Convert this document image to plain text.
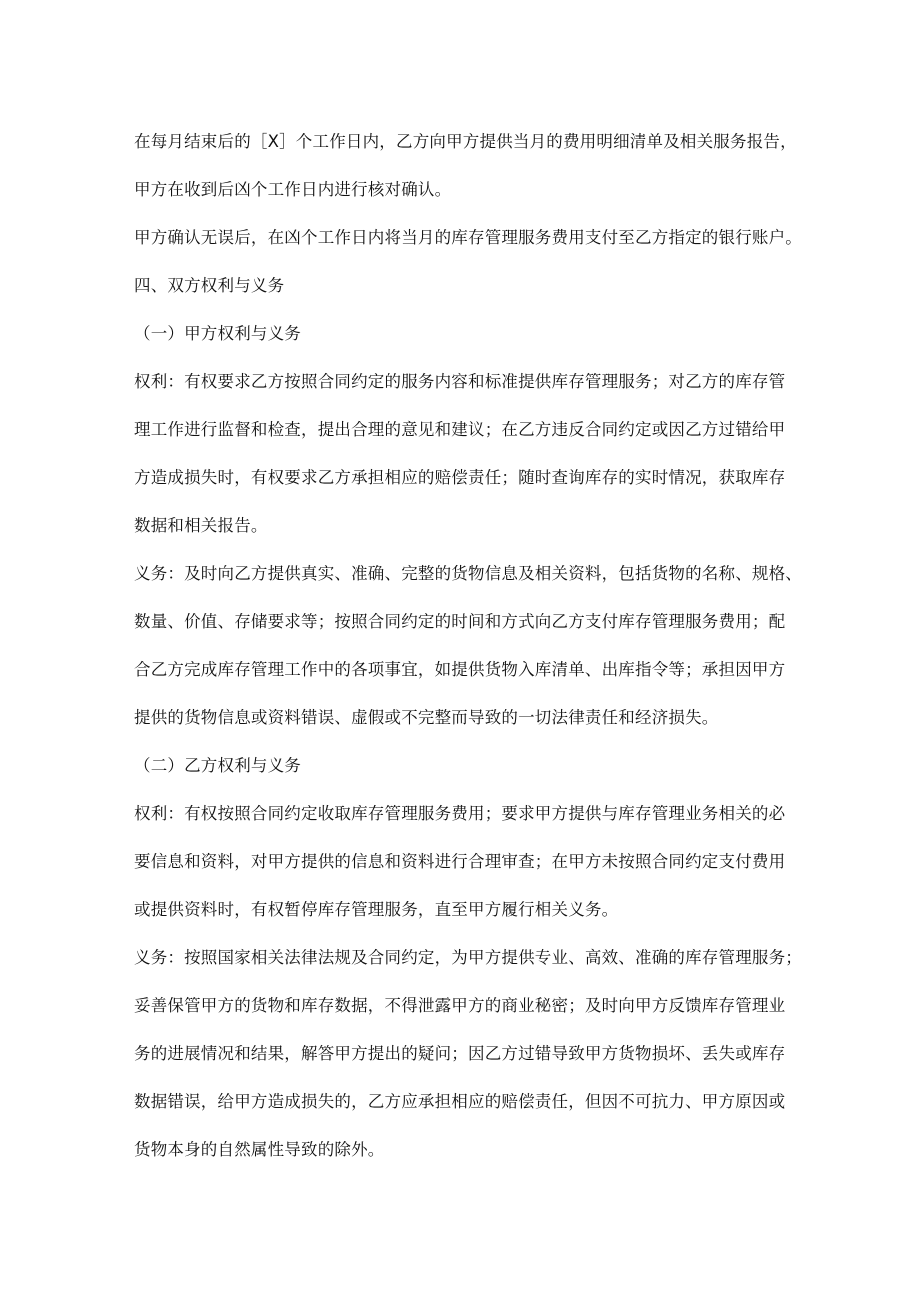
在每月结束后的［X］个工作日内，乙方向甲方提供当月的费用明细清单及相关服务报告，
甲方在收到后凶个工作日内进行核对确认。
甲方确认无误后，在凶个工作日内将当月的库存管理服务费用支付至乙方指定的银行账户。
四、双方权利与义务
（一）甲方权利与义务
权利：有权要求乙方按照合同约定的服务内容和标准提供库存管理服务；对乙方的库存管
理工作进行监督和检查，提出合理的意见和建议；在乙方违反合同约定或因乙方过错给甲
方造成损失时，有权要求乙方承担相应的赔偿责任；随时查询库存的实时情况，获取库存
数据和相关报告。
义务：及时向乙方提供真实、准确、完整的货物信息及相关资料，包括货物的名称、规格、
数量、价值、存储要求等；按照合同约定的时间和方式向乙方支付库存管理服务费用；配
合乙方完成库存管理工作中的各项事宜，如提供货物入库清单、出库指令等；承担因甲方
提供的货物信息或资料错误、虚假或不完整而导致的一切法律责任和经济损失。
（二）乙方权利与义务
权利：有权按照合同约定收取库存管理服务费用；要求甲方提供与库存管理业务相关的必
要信息和资料，对甲方提供的信息和资料进行合理审查；在甲方未按照合同约定支付费用
或提供资料时，有权暂停库存管理服务，直至甲方履行相关义务。
义务：按照国家相关法律法规及合同约定，为甲方提供专业、高效、准确的库存管理服务；
妥善保管甲方的货物和库存数据，不得泄露甲方的商业秘密；及时向甲方反馈库存管理业
务的进展情况和结果，解答甲方提出的疑问；因乙方过错导致甲方货物损坏、丢失或库存
数据错误，给甲方造成损失的，乙方应承担相应的赔偿责任，但因不可抗力、甲方原因或
货物本身的自然属性导致的除外。
